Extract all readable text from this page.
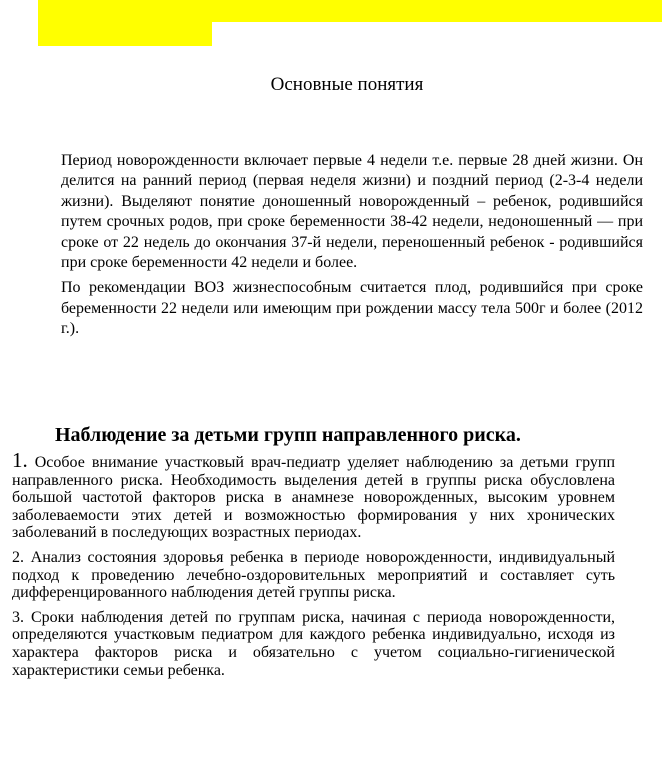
Основные понятия

Период новорожденности включает первые 4 недели т.е. первые 28 дней жизни. Он делится на ранний период (первая неделя жизни) и поздний период (2-3-4 недели жизни). Выделяют понятие доношенный новорожденный – ребенок, родившийся путем срочных родов, при сроке беременности 38-42 недели, недоношенный — при сроке от 22 недель до окончания 37-й недели, переношенный ребенок - родившийся при сроке беременности 42 недели и более.

По рекомендации ВОЗ жизнеспособным считается плод, родившийся при сроке беременности 22 недели или имеющим при рождении массу тела 500г и более (2012 г.).

Наблюдение за детьми групп направленного риска.

1. Особое внимание участковый врач-педиатр уделяет наблюдению за детьми групп направленного риска. Необходимость выделения детей в группы риска обусловлена большой частотой факторов риска в анамнезе новорожденных, высоким уровнем заболеваемости этих детей и возможностью формирования у них хронических заболеваний в последующих возрастных периодах.

2. Анализ состояния здоровья ребенка в периоде новорожденности, индивидуальный подход к проведению лечебно-оздоровительных мероприятий и составляет суть дифференцированного наблюдения детей группы риска.

3. Сроки наблюдения детей по группам риска, начиная с периода новорожденности, определяются участковым педиатром для каждого ребенка индивидуально, исходя из характера факторов риска и обязательно с учетом социально-гигиенической характеристики семьи ребенка.
